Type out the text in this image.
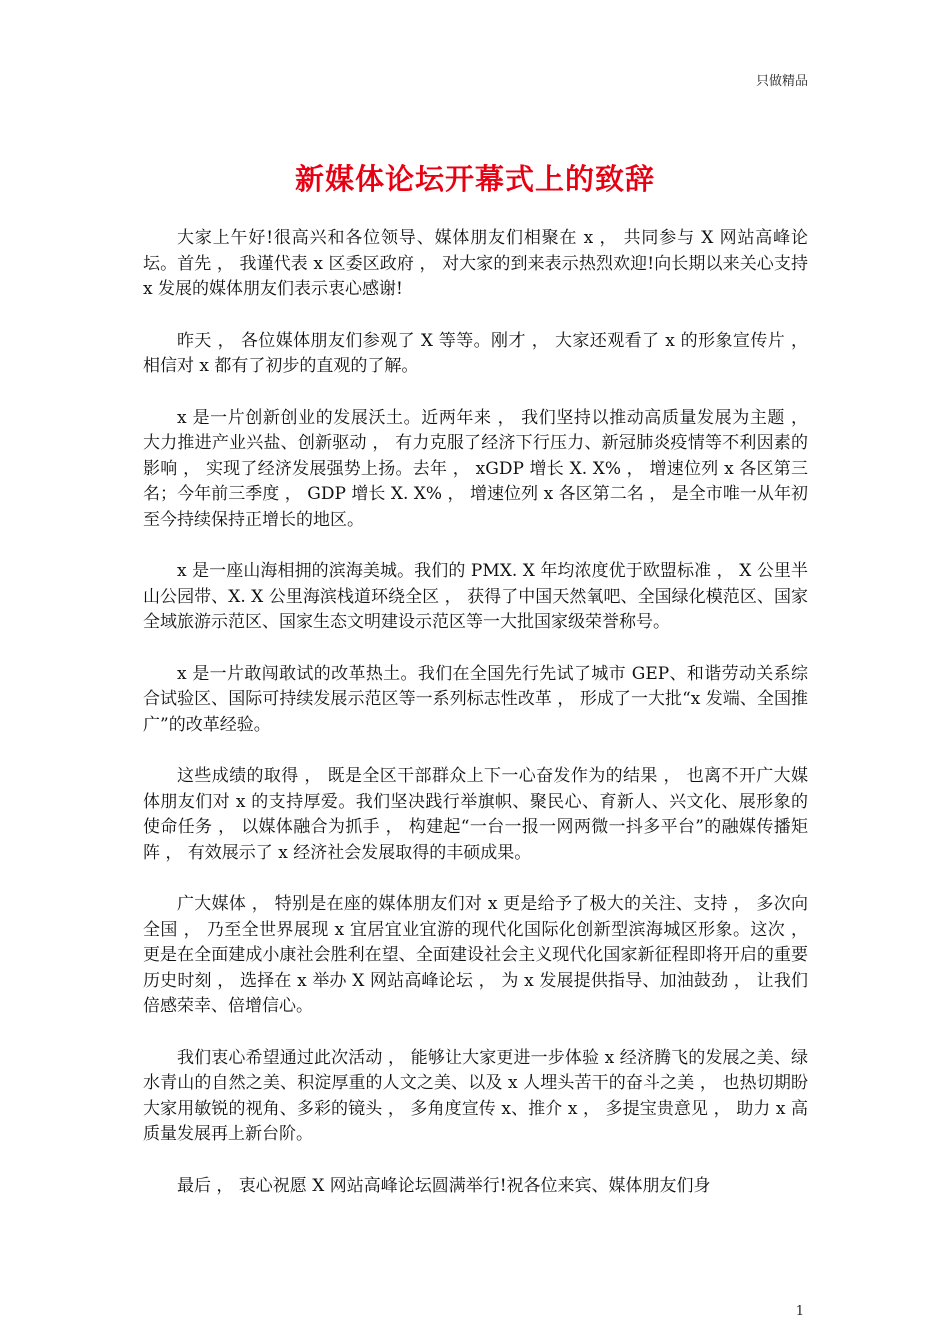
只做精品
新媒体论坛开幕式上的致辞

大家上午好!很高兴和各位领导、媒体朋友们相聚在 x ， 共同参与 X 网站高峰论坛。首先 ， 我谨代表 x 区委区政府 ， 对大家的到来表示热烈欢迎!向长期以来关心支持 x 发展的媒体朋友们表示衷心感谢!

昨天 ， 各位媒体朋友们参观了 X 等等。刚才 ， 大家还观看了 x 的形象宣传片 ， 相信对 x 都有了初步的直观的了解。

x 是一片创新创业的发展沃土。近两年来 ， 我们坚持以推动高质量发展为主题 ， 大力推进产业兴盐、创新驱动 ， 有力克服了经济下行压力、新冠肺炎疫情等不利因素的影响 ， 实现了经济发展强势上扬。去年 ， xGDP 增长 X. X% ， 增速位列 x 各区第三名；今年前三季度 ， GDP 增长 X. X% ， 增速位列 x 各区第二名 ， 是全市唯一从年初至今持续保持正增长的地区。

x 是一座山海相拥的滨海美城。我们的 PMX. X 年均浓度优于欧盟标准 ， X 公里半山公园带、X. X 公里海滨栈道环绕全区 ， 获得了中国天然氧吧、全国绿化模范区、国家全域旅游示范区、国家生态文明建设示范区等一大批国家级荣誉称号。

x 是一片敢闯敢试的改革热土。我们在全国先行先试了城市 GEP、和谐劳动关系综合试验区、国际可持续发展示范区等一系列标志性改革 ， 形成了一大批“x 发端、全国推广”的改革经验。

这些成绩的取得 ， 既是全区干部群众上下一心奋发作为的结果 ， 也离不开广大媒体朋友们对 x 的支持厚爱。我们坚决践行举旗帜、聚民心、育新人、兴文化、展形象的使命任务 ， 以媒体融合为抓手 ， 构建起“一台一报一网两微一抖多平台”的融媒传播矩阵 ， 有效展示了 x 经济社会发展取得的丰硕成果。

广大媒体 ， 特别是在座的媒体朋友们对 x 更是给予了极大的关注、支持 ， 多次向全国 ， 乃至全世界展现 x 宜居宜业宜游的现代化国际化创新型滨海城区形象。这次 ， 更是在全面建成小康社会胜利在望、全面建设社会主义现代化国家新征程即将开启的重要历史时刻 ， 选择在 x 举办 X 网站高峰论坛 ， 为 x 发展提供指导、加油鼓劲 ， 让我们倍感荣幸、倍增信心。

我们衷心希望通过此次活动 ， 能够让大家更进一步体验 x 经济腾飞的发展之美、绿水青山的自然之美、积淀厚重的人文之美、以及 x 人埋头苦干的奋斗之美 ， 也热切期盼大家用敏锐的视角、多彩的镜头 ， 多角度宣传 x、推介 x ， 多提宝贵意见 ， 助力 x 高质量发展再上新台阶。

最后 ， 衷心祝愿 X 网站高峰论坛圆满举行!祝各位来宾、媒体朋友们身

1
